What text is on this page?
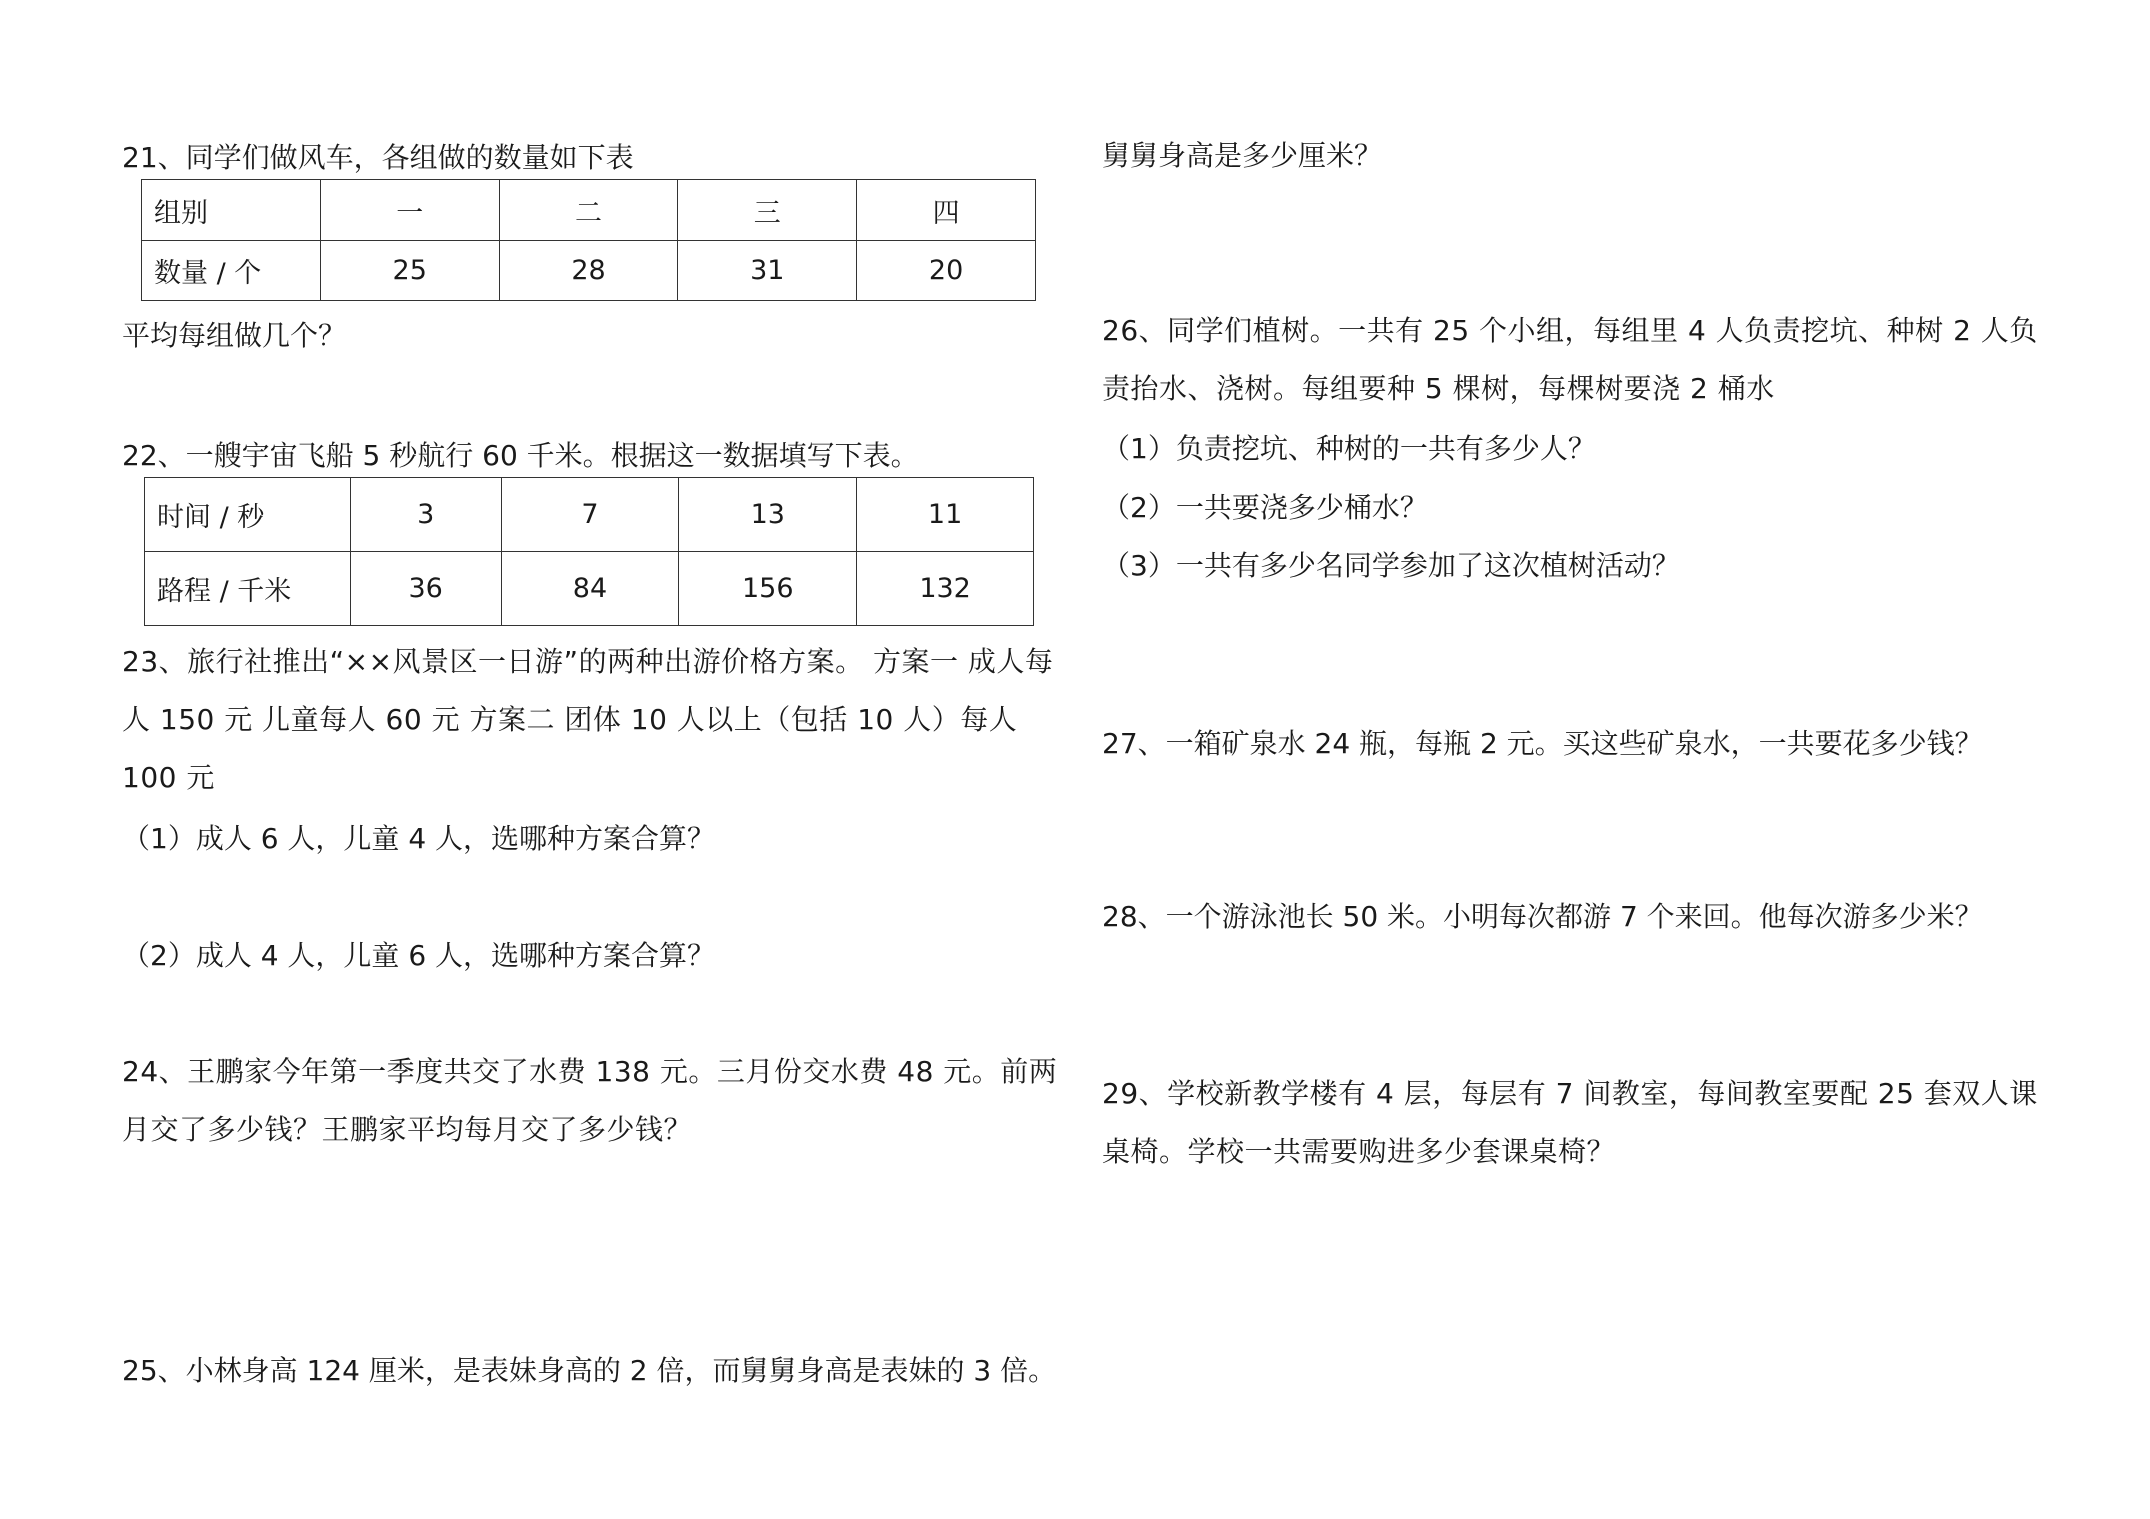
21、同学们做风车，各组做的数量如下表
组别	一	二	三	四
数量 / 个	25	28	31	20
平均每组做几个？
22、一艘宇宙飞船 5 秒航行 60 千米。根据这一数据填写下表。
时间 / 秒	3	7	13	11
路程 / 千米	36	84	156	132

23、旅行社推出“××风景区一日游”的两种出游价格方案。 方案一 成人每人 150 元 儿童每人 60 元 方案二 团体 10 人以上（包括 10 人）每人 100 元

（1）成人 6 人，儿童 4 人，选哪种方案合算？
（2）成人 4 人，儿童 6 人，选哪种方案合算？

24、王鹏家今年第一季度共交了水费 138 元。三月份交水费 48 元。前两月交了多少钱？王鹏家平均每月交了多少钱？

25、小林身高 124 厘米，是表妹身高的 2 倍，而舅舅身高是表妹的 3 倍。
舅舅身高是多少厘米？

26、同学们植树。一共有 25 个小组，每组里 4 人负责挖坑、种树 2 人负责抬水、浇树。每组要种 5 棵树，每棵树要浇 2 桶水

（1）负责挖坑、种树的一共有多少人？
（2）一共要浇多少桶水？
（3）一共有多少名同学参加了这次植树活动？
27、一箱矿泉水 24 瓶，每瓶 2 元。买这些矿泉水，一共要花多少钱？
28、一个游泳池长 50 米。小明每次都游 7 个来回。他每次游多少米？

29、学校新教学楼有 4 层，每层有 7 间教室，每间教室要配 25 套双人课桌椅。学校一共需要购进多少套课桌椅？
